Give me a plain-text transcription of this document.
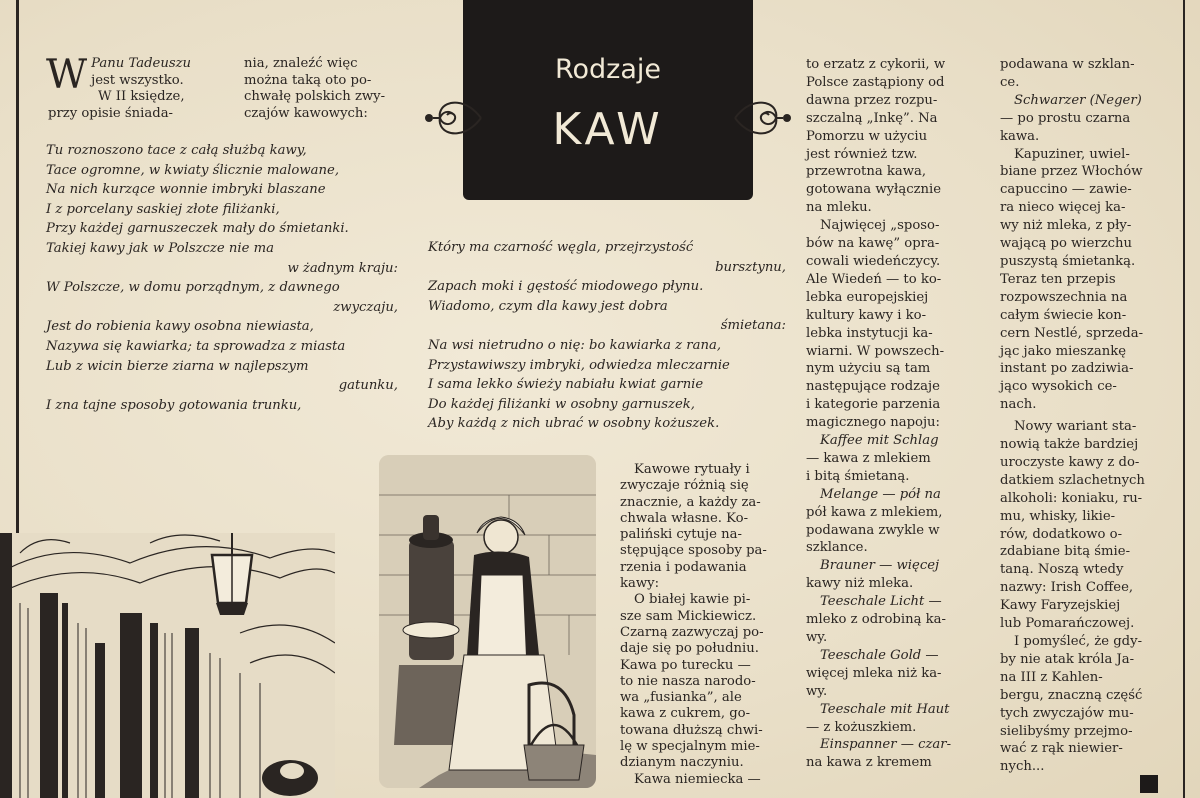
W Panu Tadeuszu
jest wszystko.
W II księdze,
przy opisie śniada-
nia, znaleźć więc
można taką oto po-
chwałę polskich zwy-
czajów kawowych:
Rodzaje
KAW
Tu roznoszono tace z całą służbą kawy,
Tace ogromne, w kwiaty ślicznie malowane,
Na nich kurzące wonnie imbryki blaszane
I z porcelany saskiej złote filiżanki,
Przy każdej garnuszeczek mały do śmietanki.
Takiej kawy jak w Polszcze nie ma
w żadnym kraju:
W Polszcze, w domu porządnym, z dawnego
zwyczaju,
Jest do robienia kawy osobna niewiasta,
Nazywa się kawiarka; ta sprowadza z miasta
Lub z wicin bierze ziarna w najlepszym
gatunku,
I zna tajne sposoby gotowania trunku,
Który ma czarność węgla, przejrzystość
bursztynu,
Zapach moki i gęstość miodowego płynu.
Wiadomo, czym dla kawy jest dobra
śmietana:
Na wsi nietrudno o nię: bo kawiarka z rana,
Przystawiwszy imbryki, odwiedza mleczarnie
I sama lekko świeży nabiału kwiat garnie
Do każdej filiżanki w osobny garnuszek,
Aby każdą z nich ubrać w osobny kożuszek.
Kawowe rytuały i
zwyczaje różnią się
znacznie, a każdy za-
chwala własne. Ko-
paliński cytuje na-
stępujące sposoby pa-
rzenia i podawania
kawy:
O białej kawie pi-
sze sam Mickiewicz.
Czarną zazwyczaj po-
daje się po południu.
Kawa po turecku —
to nie nasza narodo-
wa „fusianka”, ale
kawa z cukrem, go-
towana dłuższą chwi-
lę w specjalnym mie-
dzianym naczyniu.
Kawa niemiecka —
to erzatz z cykorii, w
Polsce zastąpiony od
dawna przez rozpu-
szczalną „Inkę”. Na
Pomorzu w użyciu
jest również tzw.
przewrotna kawa,
gotowana wyłącznie
na mleku.
Najwięcej „sposo-
bów na kawę” opra-
cowali wiedeńczycy.
Ale Wiedeń — to ko-
lebka europejskiej
kultury kawy i ko-
lebka instytucji ka-
wiarni. W powszech-
nym użyciu są tam
następujące rodzaje
i kategorie parzenia
magicznego napoju:
Kaffee mit Schlag
— kawa z mlekiem
i bitą śmietaną.
Melange — pół na
pół kawa z mlekiem,
podawana zwykle w
szklance.
Brauner — więcej
kawy niż mleka.
Teeschale Licht —
mleko z odrobiną ka-
wy.
Teeschale Gold —
więcej mleka niż ka-
wy.
Teeschale mit Haut
— z kożuszkiem.
Einspanner — czar-
na kawa z kremem
podawana w szklan-
ce.
Schwarzer (Neger)
— po prostu czarna
kawa.
Kapuziner, uwiel-
biane przez Włochów
capuccino — zawie-
ra nieco więcej ka-
wy niż mleka, z pły-
wającą po wierzchu
puszystą śmietanką.
Teraz ten przepis
rozpowszechnia na
całym świecie kon-
cern Nestlé, sprzeda-
jąc jako mieszankę
instant po zadziwia-
jąco wysokich ce-
nach.
Nowy wariant sta-
nowią także bardziej
uroczyste kawy z do-
datkiem szlachetnych
alkoholi: koniaku, ru-
mu, whisky, likie-
rów, dodatkowo o-
zdabiane bitą śmie-
taną. Noszą wtedy
nazwy: Irish Coffee,
Kawy Faryzejskiej
lub Pomarańczowej.
I pomyśleć, że gdy-
by nie atak króla Ja-
na III z Kahlen-
bergu, znaczną część
tych zwyczajów mu-
sielibyśmy przejmo-
wać z rąk niewier-
nych...
